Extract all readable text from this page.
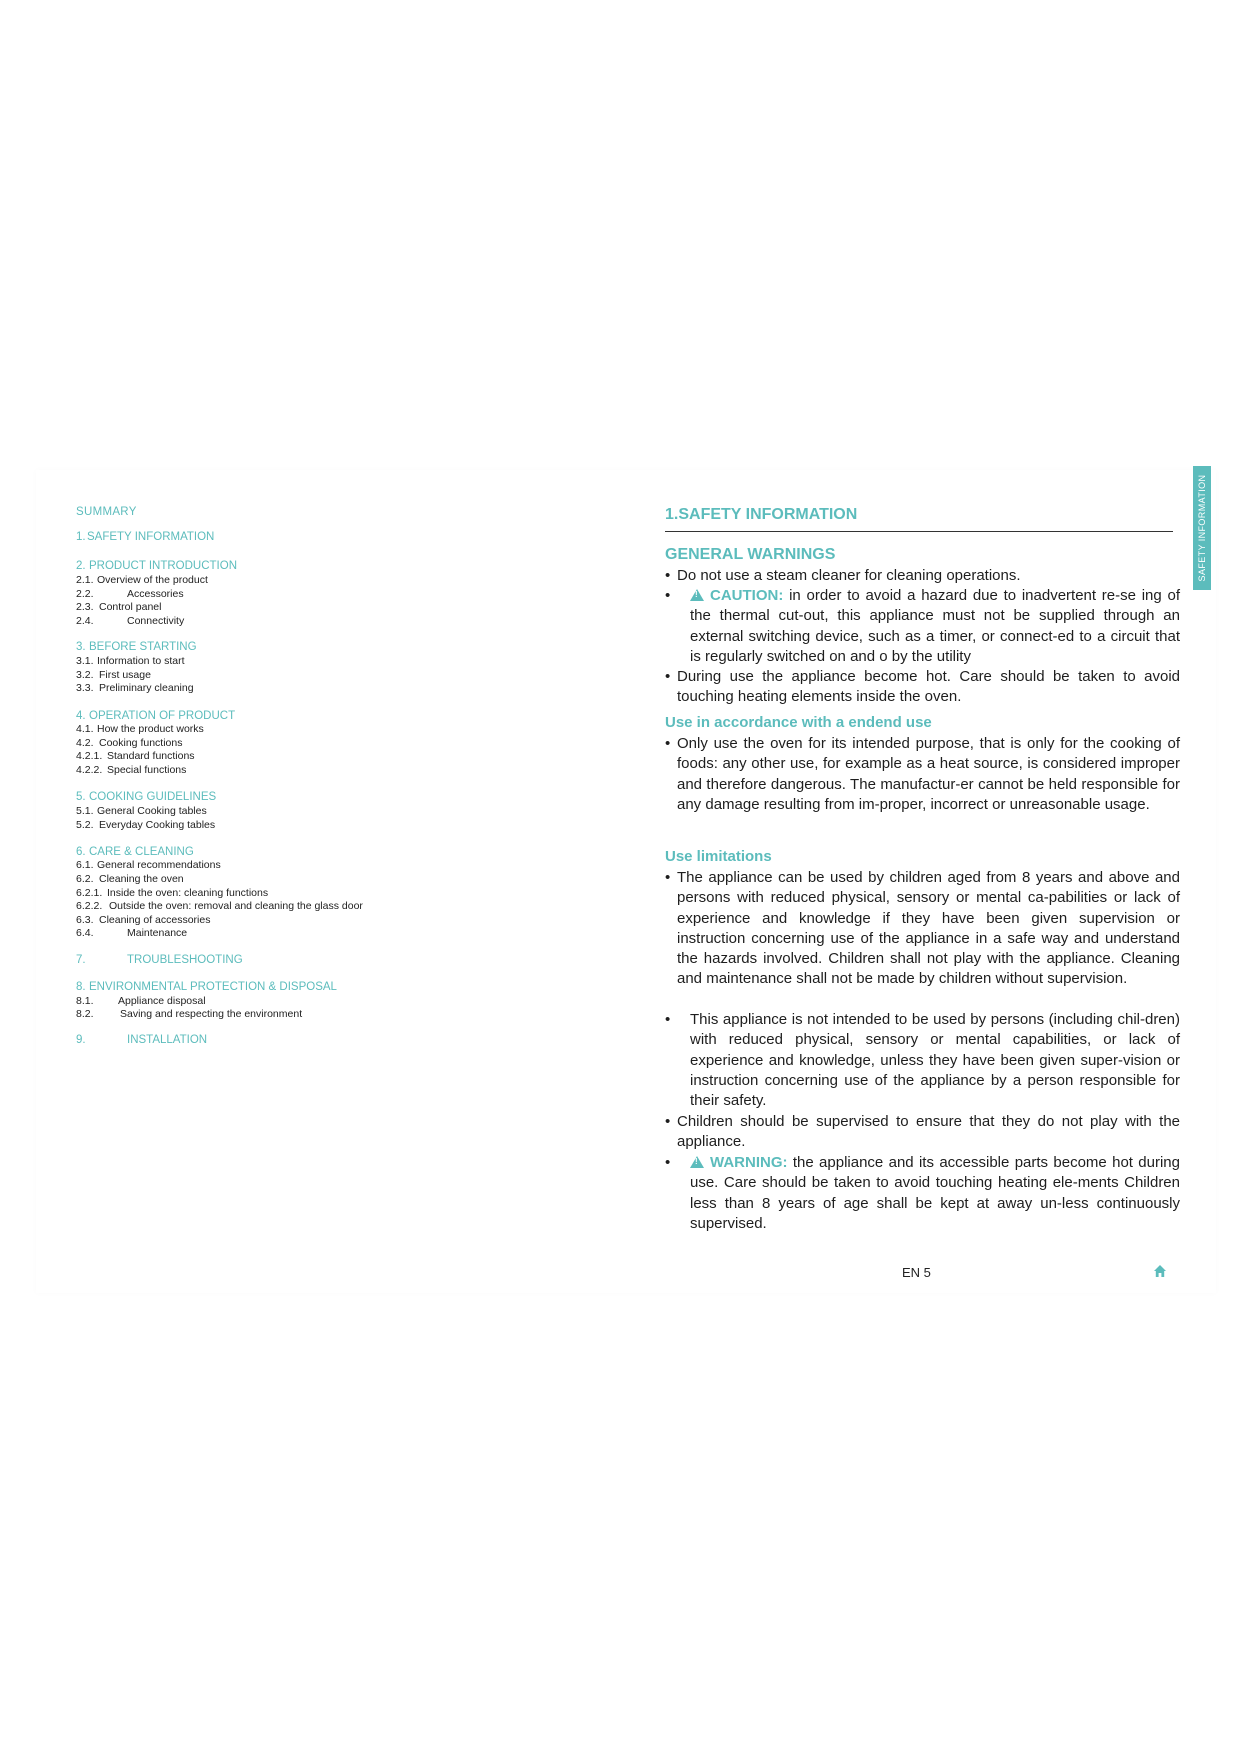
SUMMARY
1. SAFETY INFORMATION
2. PRODUCT INTRODUCTION
2.1. Overview of the product
2.2.	Accessories
2.3. Control panel
2.4.	Connectivity
3. BEFORE STARTING
3.1. Information to start
3.2. First usage
3.3. Preliminary cleaning
4. OPERATION OF PRODUCT
4.1. How the product works
4.2. Cooking functions
4.2.1. Standard functions
4.2.2. Special functions
5. COOKING GUIDELINES
5.1. General Cooking tables
5.2. Everyday Cooking tables
6. CARE & CLEANING
6.1. General recommendations
6.2. Cleaning the oven
6.2.1. Inside the oven: cleaning functions
6.2.2. Outside the oven: removal and cleaning the glass door
6.3. Cleaning of accessories
6.4.	Maintenance
7.	TROUBLESHOOTING
8. ENVIRONMENTAL PROTECTION & DISPOSAL
8.1. Appliance disposal
8.2.	Saving and respecting the environment
9.	INSTALLATION
1.SAFETY INFORMATION
GENERAL WARNINGS
• Do not use a steam cleaner for cleaning operations.
• !	CAUTION: in order to avoid a hazard due to inadvertent re-se ing of the thermal cut-out, this appliance must not be supplied through an external switching device, such as a timer, or connect-ed to a circuit that is regularly switched on and o by the utility
• During use the appliance become hot. Care should be taken to avoid touching heating elements inside the oven.
Use in accordance with a endend use
• Only use the oven for its intended purpose, that is only for the cooking of foods: any other use, for example as a heat source, is considered improper and therefore dangerous. The manufactur-er cannot be held responsible for any damage resulting from im-proper, incorrect or unreasonable usage.
Use limitations
• The appliance can be used by children aged from 8 years and above and persons with reduced physical, sensory or mental ca-pabilities or lack of experience and knowledge if they have been given supervision or instruction concerning use of the appliance in a safe way and understand the hazards involved. Children shall not play with the appliance. Cleaning and maintenance shall not be made by children without supervision.
• This appliance is not intended to be used by persons (including chil-dren) with reduced physical, sensory or mental capabilities, or lack of experience and knowledge, unless they have been given super-vision or instruction concerning use of the appliance by a person responsible for their safety.
• Children should be supervised to ensure that they do not play with the appliance.
• !	WARNING: the appliance and its accessible parts become hot during use. Care should be taken to avoid touching heating ele-ments Children less than 8 years of age shall be kept at away un-less continuously supervised.
EN 5
SAFETY INFORMATION
